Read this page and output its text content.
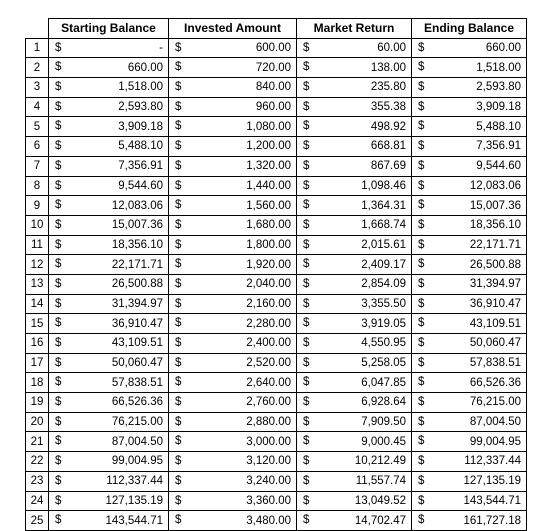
	Starting Balance	Invested Amount	Market Return	Ending Balance
1	$ -	$ 600.00	$ 60.00	$ 660.00
2	$ 660.00	$ 720.00	$ 138.00	$ 1,518.00
3	$ 1,518.00	$ 840.00	$ 235.80	$ 2,593.80
4	$ 2,593.80	$ 960.00	$ 355.38	$ 3,909.18
5	$ 3,909.18	$ 1,080.00	$ 498.92	$ 5,488.10
6	$ 5,488.10	$ 1,200.00	$ 668.81	$ 7,356.91
7	$ 7,356.91	$ 1,320.00	$ 867.69	$ 9,544.60
8	$ 9,544.60	$ 1,440.00	$ 1,098.46	$ 12,083.06
9	$ 12,083.06	$ 1,560.00	$ 1,364.31	$ 15,007.36
10	$ 15,007.36	$ 1,680.00	$ 1,668.74	$ 18,356.10
11	$ 18,356.10	$ 1,800.00	$ 2,015.61	$ 22,171.71
12	$ 22,171.71	$ 1,920.00	$ 2,409.17	$ 26,500.88
13	$ 26,500.88	$ 2,040.00	$ 2,854.09	$ 31,394.97
14	$ 31,394.97	$ 2,160.00	$ 3,355.50	$ 36,910.47
15	$ 36,910.47	$ 2,280.00	$ 3,919.05	$ 43,109.51
16	$ 43,109.51	$ 2,400.00	$ 4,550.95	$ 50,060.47
17	$ 50,060.47	$ 2,520.00	$ 5,258.05	$ 57,838.51
18	$ 57,838.51	$ 2,640.00	$ 6,047.85	$ 66,526.36
19	$ 66,526.36	$ 2,760.00	$ 6,928.64	$ 76,215.00
20	$ 76,215.00	$ 2,880.00	$ 7,909.50	$ 87,004.50
21	$ 87,004.50	$ 3,000.00	$ 9,000.45	$ 99,004.95
22	$ 99,004.95	$ 3,120.00	$ 10,212.49	$ 112,337.44
23	$ 112,337.44	$ 3,240.00	$ 11,557.74	$ 127,135.19
24	$ 127,135.19	$ 3,360.00	$ 13,049.52	$ 143,544.71
25	$ 143,544.71	$ 3,480.00	$ 14,702.47	$ 161,727.18
